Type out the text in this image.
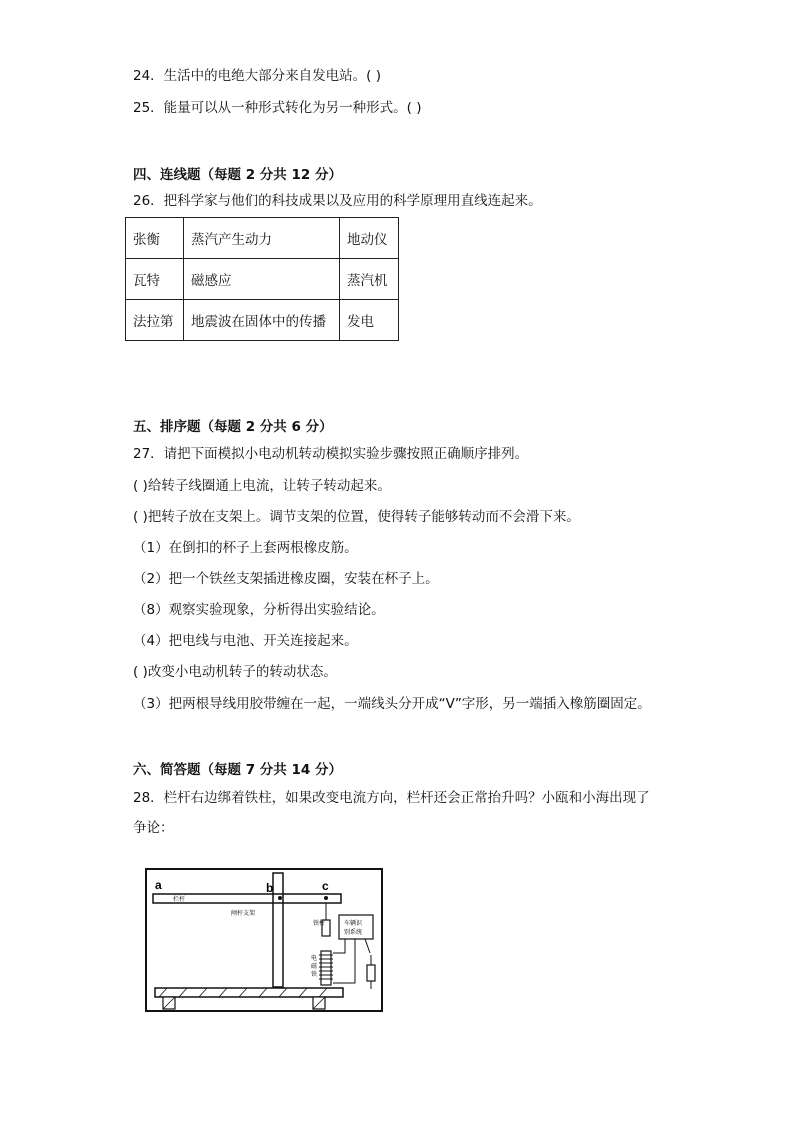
24．生活中的电绝大部分来自发电站。( )
25．能量可以从一种形式转化为另一种形式。( )
四、连线题（每题 2 分共 12 分）
26．把科学家与他们的科技成果以及应用的科学原理用直线连起来。
张衡	蒸汽产生动力	地动仪
瓦特	磁感应	蒸汽机
法拉第	地震波在固体中的传播	发电
五、排序题（每题 2 分共 6 分）
27．请把下面模拟小电动机转动模拟实验步骤按照正确顺序排列。
( )给转子线圈通上电流，让转子转动起来。
( )把转子放在支架上。调节支架的位置，使得转子能够转动而不会滑下来。
（1）在倒扣的杯子上套两根橡皮筋。
（2）把一个铁丝支架插进橡皮圈，安装在杯子上。
（8）观察实验现象，分析得出实验结论。
（4）把电线与电池、开关连接起来。
( )改变小电动机转子的转动状态。
（3）把两根导线用胶带缠在一起，一端线头分开成“V”字形，另一端插入橡筋圈固定。
六、简答题（每题 7 分共 14 分）
28．栏杆右边绑着铁柱，如果改变电流方向，栏杆还会正常抬升吗？小瓯和小海出现了
争论：
a	b	c
栏杆
闸杆支架
铁柱	车辆识
别系统
电
磁
铁
